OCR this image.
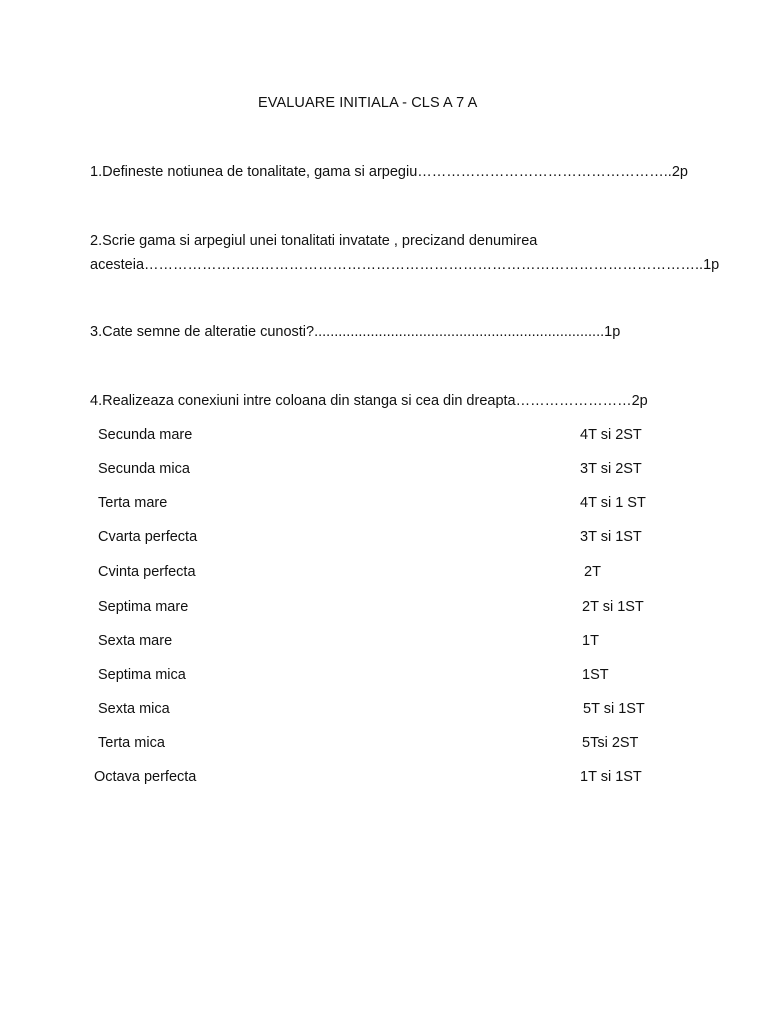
EVALUARE INITIALA - CLS A 7 A
1.Defineste notiunea de tonalitate, gama si arpegiu……………………………………………..2p
2.Scrie gama si arpegiul unei tonalitati invatate , precizand denumirea
acesteia……………………………………………………………………………………………………..1p
3.Cate semne de alteratie cunosti?........................................................................1p
4.Realizeaza conexiuni intre coloana din stanga si cea din dreapta……………………2p
Secunda mare	4T si 2ST
Secunda mica	3T si 2ST
Terta mare	4T si 1 ST
Cvarta perfecta	3T si 1ST
Cvinta perfecta	2T
Septima mare	2T si 1ST
Sexta mare	1T
Septima mica	1ST
Sexta mica	5T si 1ST
Terta mica	5Tsi 2ST
Octava perfecta	1T si 1ST
